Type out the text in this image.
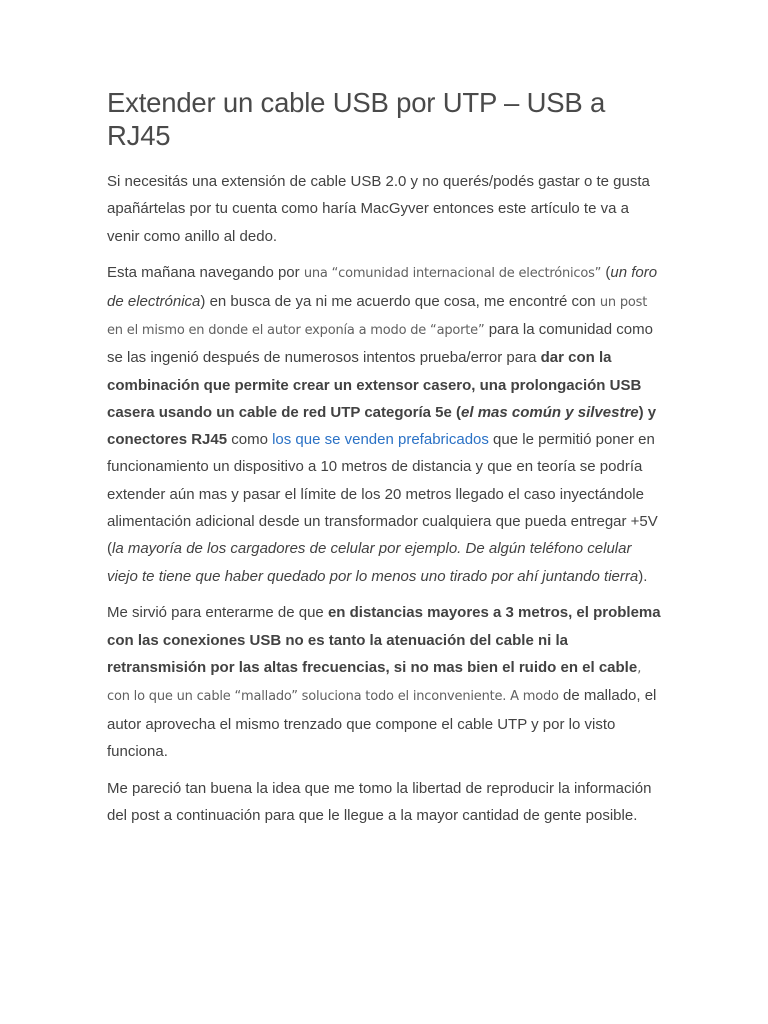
Extender un cable USB por UTP – USB a RJ45

Si necesitás una extensión de cable USB 2.0 y no querés/podés gastar o te gusta apañártelas por tu cuenta como haría MacGyver entonces este artículo te va a venir como anillo al dedo.

Esta mañana navegando por una “comunidad internacional de electrónicos” (un foro de electrónica) en busca de ya ni me acuerdo que cosa, me encontré con un post en el mismo en donde el autor exponía a modo de “aporte” para la comunidad como se las ingenió después de numerosos intentos prueba/error para dar con la combinación que permite crear un extensor casero, una prolongación USB casera usando un cable de red UTP categoría 5e (el mas común y silvestre) y conectores RJ45 como los que se venden prefabricados que le permitió poner en funcionamiento un dispositivo a 10 metros de distancia y que en teoría se podría extender aún mas y pasar el límite de los 20 metros llegado el caso inyectándole alimentación adicional desde un transformador cualquiera que pueda entregar +5V (la mayoría de los cargadores de celular por ejemplo. De algún teléfono celular viejo te tiene que haber quedado por lo menos uno tirado por ahí juntando tierra).

Me sirvió para enterarme de que en distancias mayores a 3 metros, el problema con las conexiones USB no es tanto la atenuación del cable ni la retransmisión por las altas frecuencias, si no mas bien el ruido en el cable, con lo que un cable “mallado” soluciona todo el inconveniente. A modo de mallado, el autor aprovecha el mismo trenzado que compone el cable UTP y por lo visto funciona.

Me pareció tan buena la idea que me tomo la libertad de reproducir la información del post a continuación para que le llegue a la mayor cantidad de gente posible.
